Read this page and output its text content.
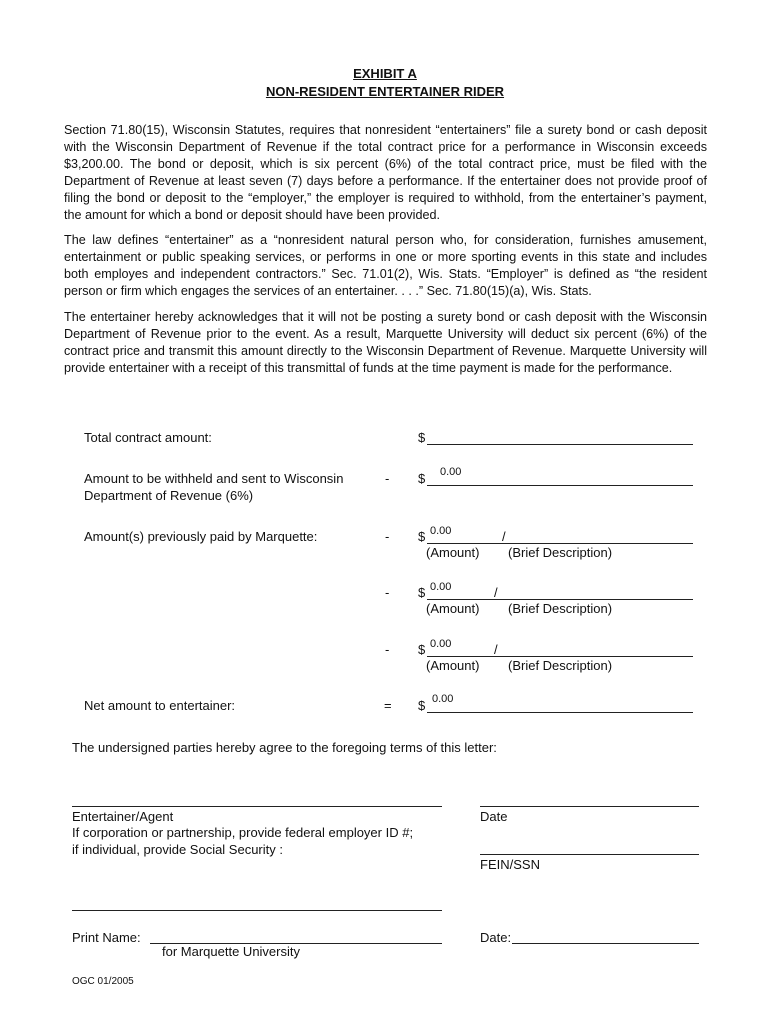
EXHIBIT A
NON-RESIDENT ENTERTAINER RIDER
Section 71.80(15), Wisconsin Statutes, requires that nonresident “entertainers” file a surety bond or cash deposit with the Wisconsin Department of Revenue if the total contract price for a performance in Wisconsin exceeds $3,200.00. The bond or deposit, which is six percent (6%) of the total contract price, must be filed with the Department of Revenue at least seven (7) days before a performance. If the entertainer does not provide proof of filing the bond or deposit to the “employer,” the employer is required to withhold, from the entertainer’s payment, the amount for which a bond or deposit should have been provided.
The law defines “entertainer” as a “nonresident natural person who, for consideration, furnishes amusement, entertainment or public speaking services, or performs in one or more sporting events in this state and includes both employes and independent contractors.” Sec. 71.01(2), Wis. Stats. “Employer” is defined as “the resident person or firm which engages the services of an entertainer. . . .” Sec. 71.80(15)(a), Wis. Stats.
The entertainer hereby acknowledges that it will not be posting a surety bond or cash deposit with the Wisconsin Department of Revenue prior to the event. As a result, Marquette University will deduct six percent (6%) of the contract price and transmit this amount directly to the Wisconsin Department of Revenue. Marquette University will provide entertainer with a receipt of this transmittal of funds at the time payment is made for the performance.
Total contract amount:	$
Amount to be withheld and sent to Wisconsin
Department of Revenue (6%)
- $ 0.00
Amount(s) previously paid by Marquette:	- $ 0.00	/
(Amount) (Brief Description)
- $ 0.00	/
(Amount) (Brief Description)
- $ 0.00	/
(Amount) (Brief Description)
Net amount to entertainer:	= $ 0.00
The undersigned parties hereby agree to the foregoing terms of this letter:
Entertainer/Agent
If corporation or partnership, provide federal employer ID #;
if individual, provide Social Security :
Date
FEIN/SSN
Print Name:
for Marquette University
Date:
OGC 01/2005
